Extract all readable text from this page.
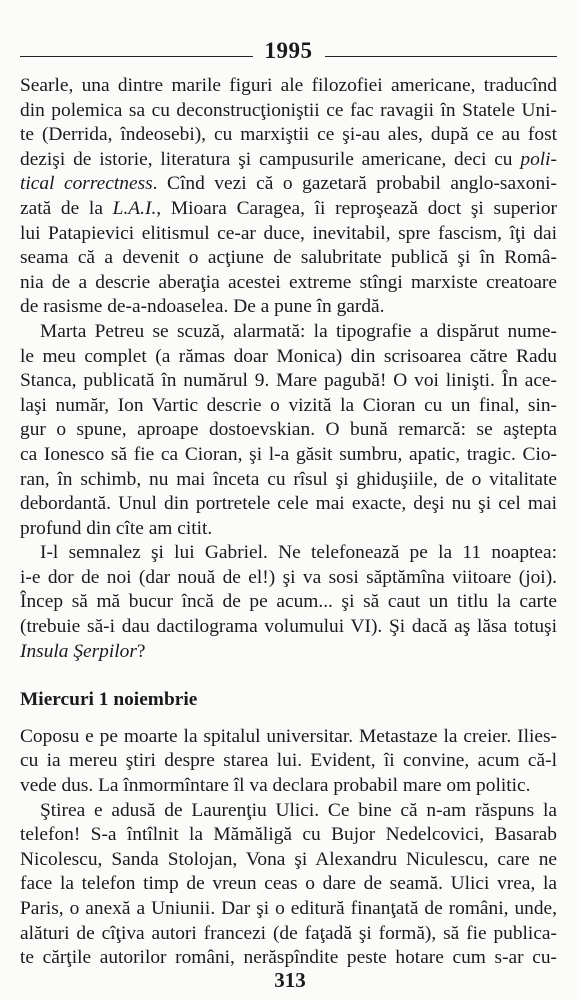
1995
Searle, una dintre marile figuri ale filozofiei americane, traducînd
din polemica sa cu deconstrucţioniştii ce fac ravagii în Statele Uni-
te (Derrida, îndeosebi), cu marxiştii ce şi-au ales, după ce au fost
dezişi de istorie, literatura şi campusurile americane, deci cu poli-
tical correctness. Cînd vezi că o gazetară probabil anglo-saxoni-
zată de la L.A.I., Mioara Caragea, îi reproşează doct şi superior
lui Patapievici elitismul ce-ar duce, inevitabil, spre fascism, îţi dai
seama că a devenit o acţiune de salubritate publică şi în Româ-
nia de a descrie aberaţia acestei extreme stîngi marxiste creatoare
de rasisme de-a-ndoaselea. De a pune în gardă.
Marta Petreu se scuză, alarmată: la tipografie a dispărut nume-
le meu complet (a rămas doar Monica) din scrisoarea către Radu
Stanca, publicată în numărul 9. Mare pagubă! O voi linişti. În ace-
laşi număr, Ion Vartic descrie o vizită la Cioran cu un final, sin-
gur o spune, aproape dostoevskian. O bună remarcă: se aştepta
ca Ionesco să fie ca Cioran, şi l-a găsit sumbru, apatic, tragic. Cio-
ran, în schimb, nu mai înceta cu rîsul şi ghiduşiile, de o vitalitate
debordantă. Unul din portretele cele mai exacte, deşi nu şi cel mai
profund din cîte am citit.
I-l semnalez şi lui Gabriel. Ne telefonează pe la 11 noaptea:
i-e dor de noi (dar nouă de el!) şi va sosi săptămîna viitoare (joi).
Încep să mă bucur încă de pe acum... şi să caut un titlu la carte
(trebuie să-i dau dactilograma volumului VI). Şi dacă aş lăsa totuşi
Insula Şerpilor?
Miercuri 1 noiembrie
Coposu e pe moarte la spitalul universitar. Metastaze la creier. Ilies-
cu ia mereu ştiri despre starea lui. Evident, îi convine, acum că-l
vede dus. La înmormîntare îl va declara probabil mare om politic.
Ştirea e adusă de Laurenţiu Ulici. Ce bine că n-am răspuns la
telefon! S-a întîlnit la Mămăligă cu Bujor Nedelcovici, Basarab
Nicolescu, Sanda Stolojan, Vona şi Alexandru Niculescu, care ne
face la telefon timp de vreun ceas o dare de seamă. Ulici vrea, la
Paris, o anexă a Uniunii. Dar şi o editură finanţată de români, unde,
alături de cîţiva autori francezi (de faţadă şi formă), să fie publica-
te cărţile autorilor români, nerăspîndite peste hotare cum s-ar cu-
313
